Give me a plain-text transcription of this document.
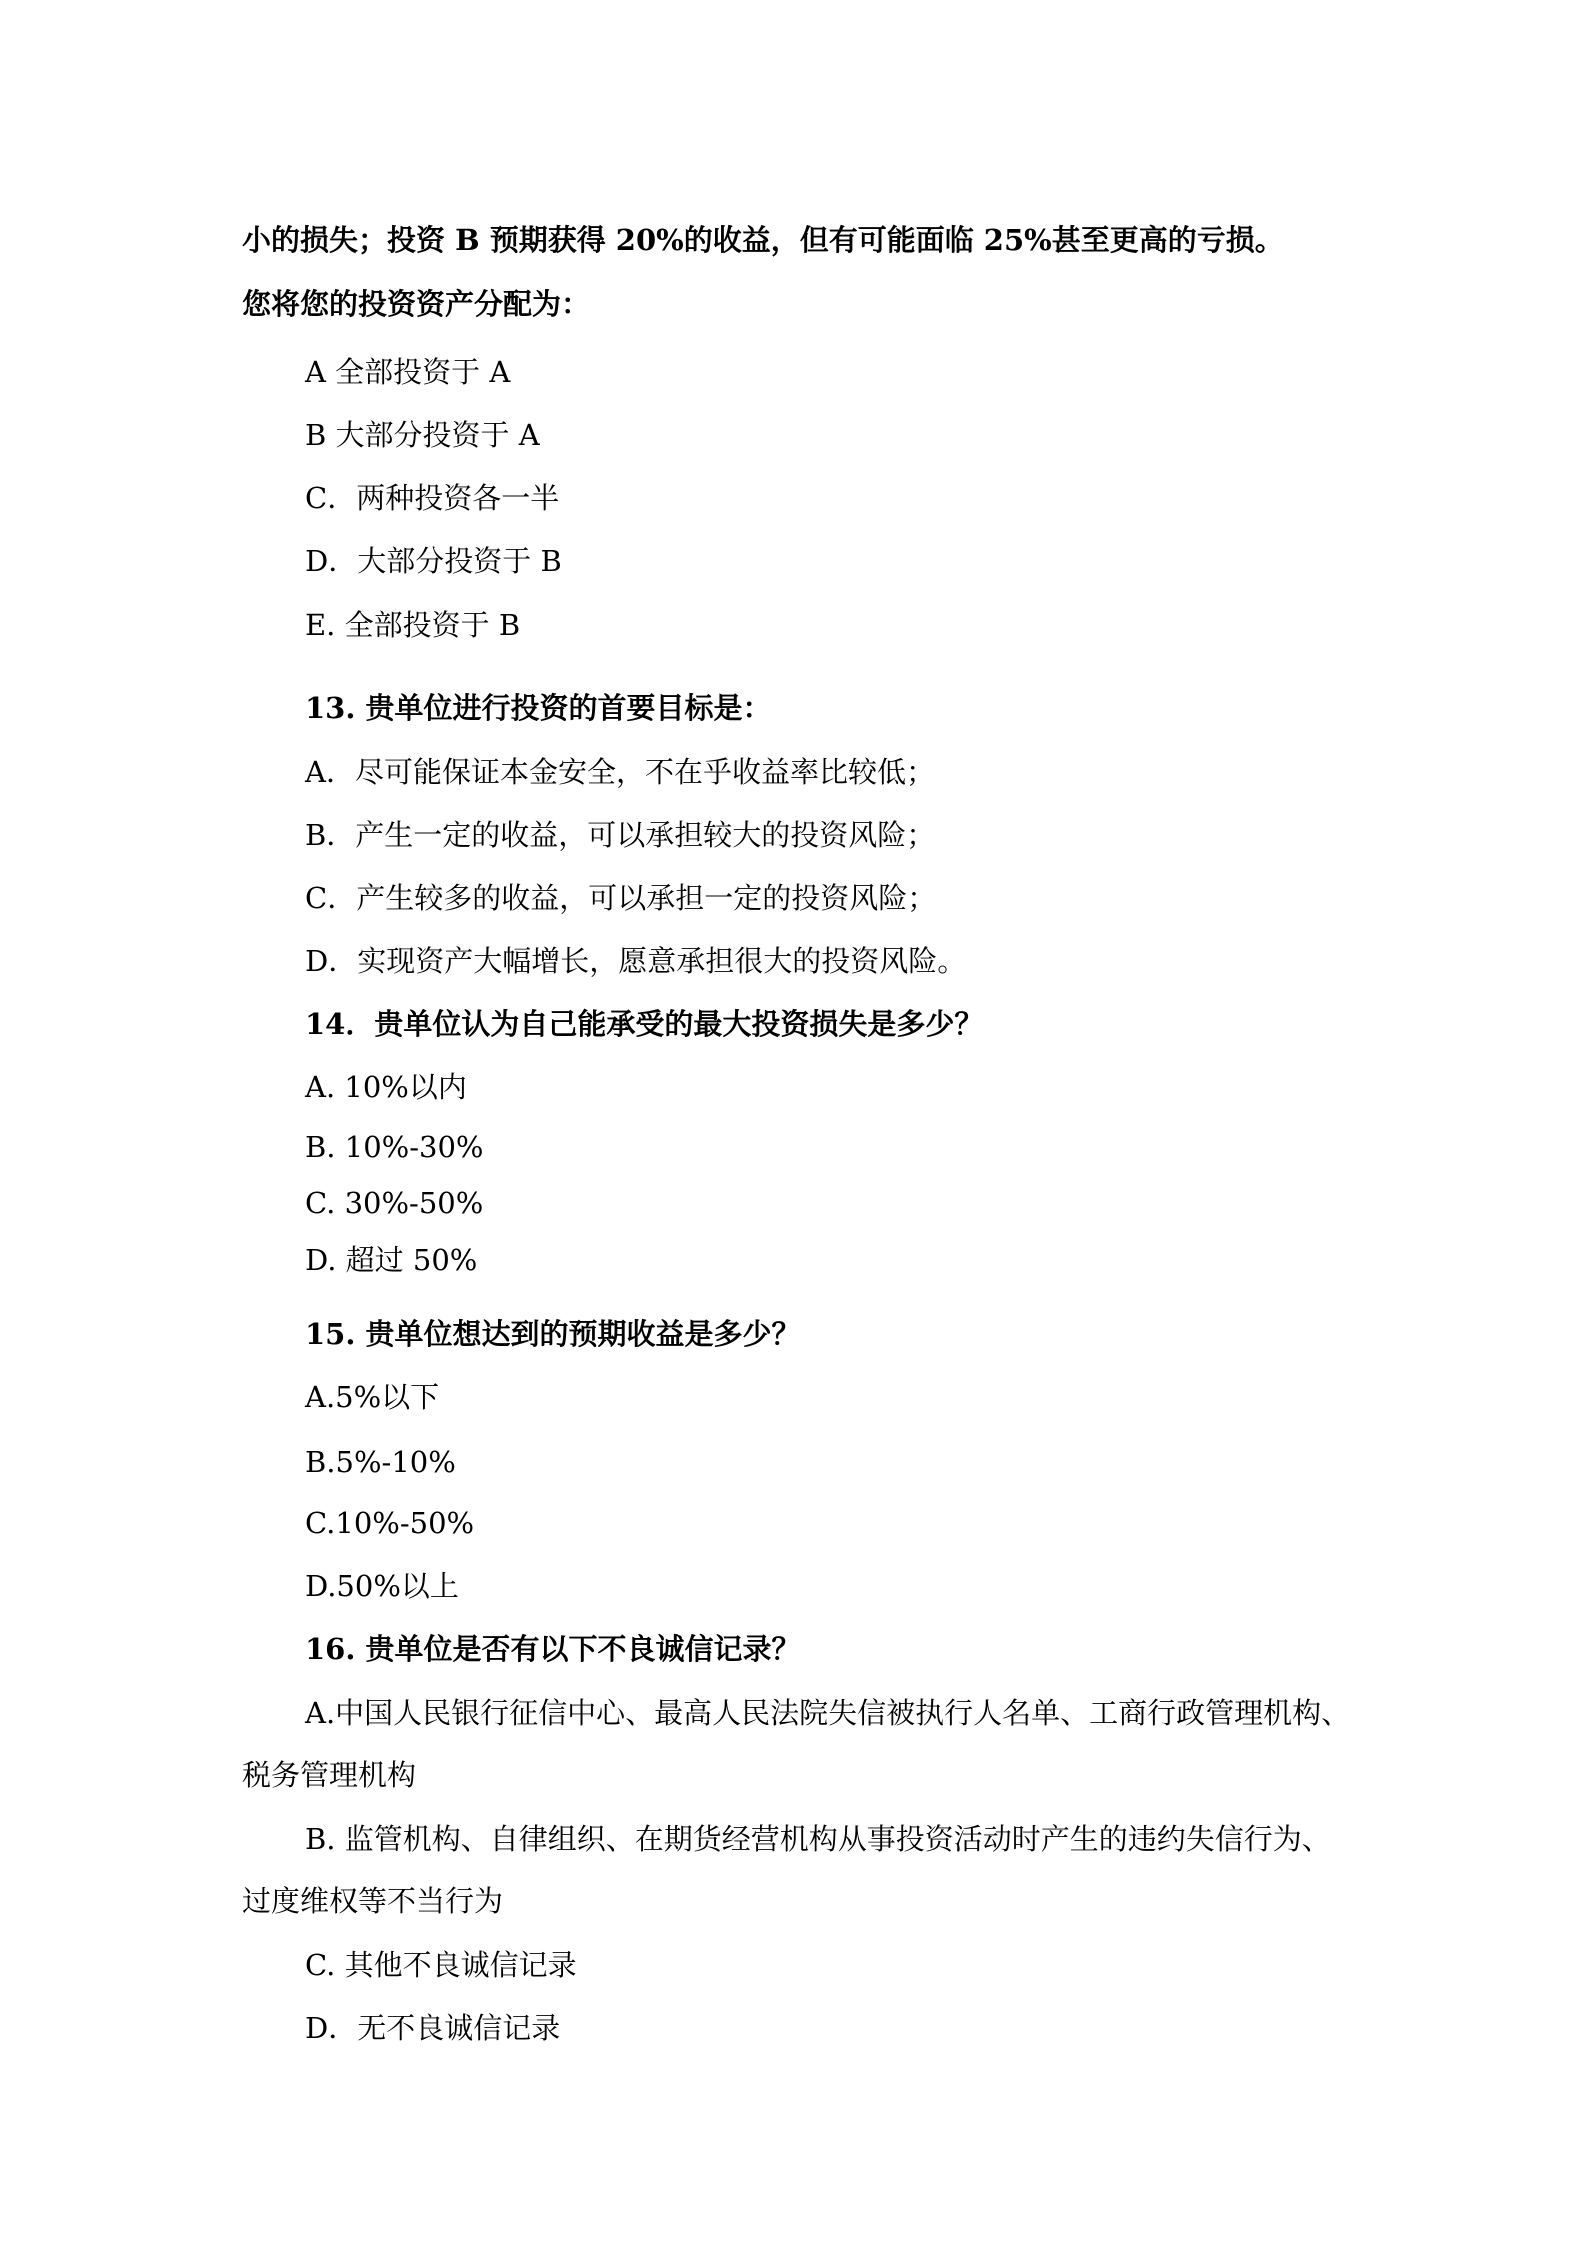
小的损失；投资 B 预期获得 20%的收益，但有可能面临 25%甚至更高的亏损。
您将您的投资资产分配为：
A 全部投资于 A
B 大部分投资于 A
C．两种投资各一半
D．大部分投资于 B
E. 全部投资于 B
13. 贵单位进行投资的首要目标是：
A．尽可能保证本金安全，不在乎收益率比较低；
B．产生一定的收益，可以承担较大的投资风险；
C．产生较多的收益，可以承担一定的投资风险；
D．实现资产大幅增长，愿意承担很大的投资风险。
14．贵单位认为自己能承受的最大投资损失是多少？
A. 10%以内
B. 10%-30%
C. 30%-50%
D. 超过 50%
15. 贵单位想达到的预期收益是多少？
A.5%以下
B.5%-10%
C.10%-50%
D.50%以上
16. 贵单位是否有以下不良诚信记录？
A.中国人民银行征信中心、最高人民法院失信被执行人名单、工商行政管理机构、税务管理机构
B. 监管机构、自律组织、在期货经营机构从事投资活动时产生的违约失信行为、过度维权等不当行为
C. 其他不良诚信记录
D．无不良诚信记录
